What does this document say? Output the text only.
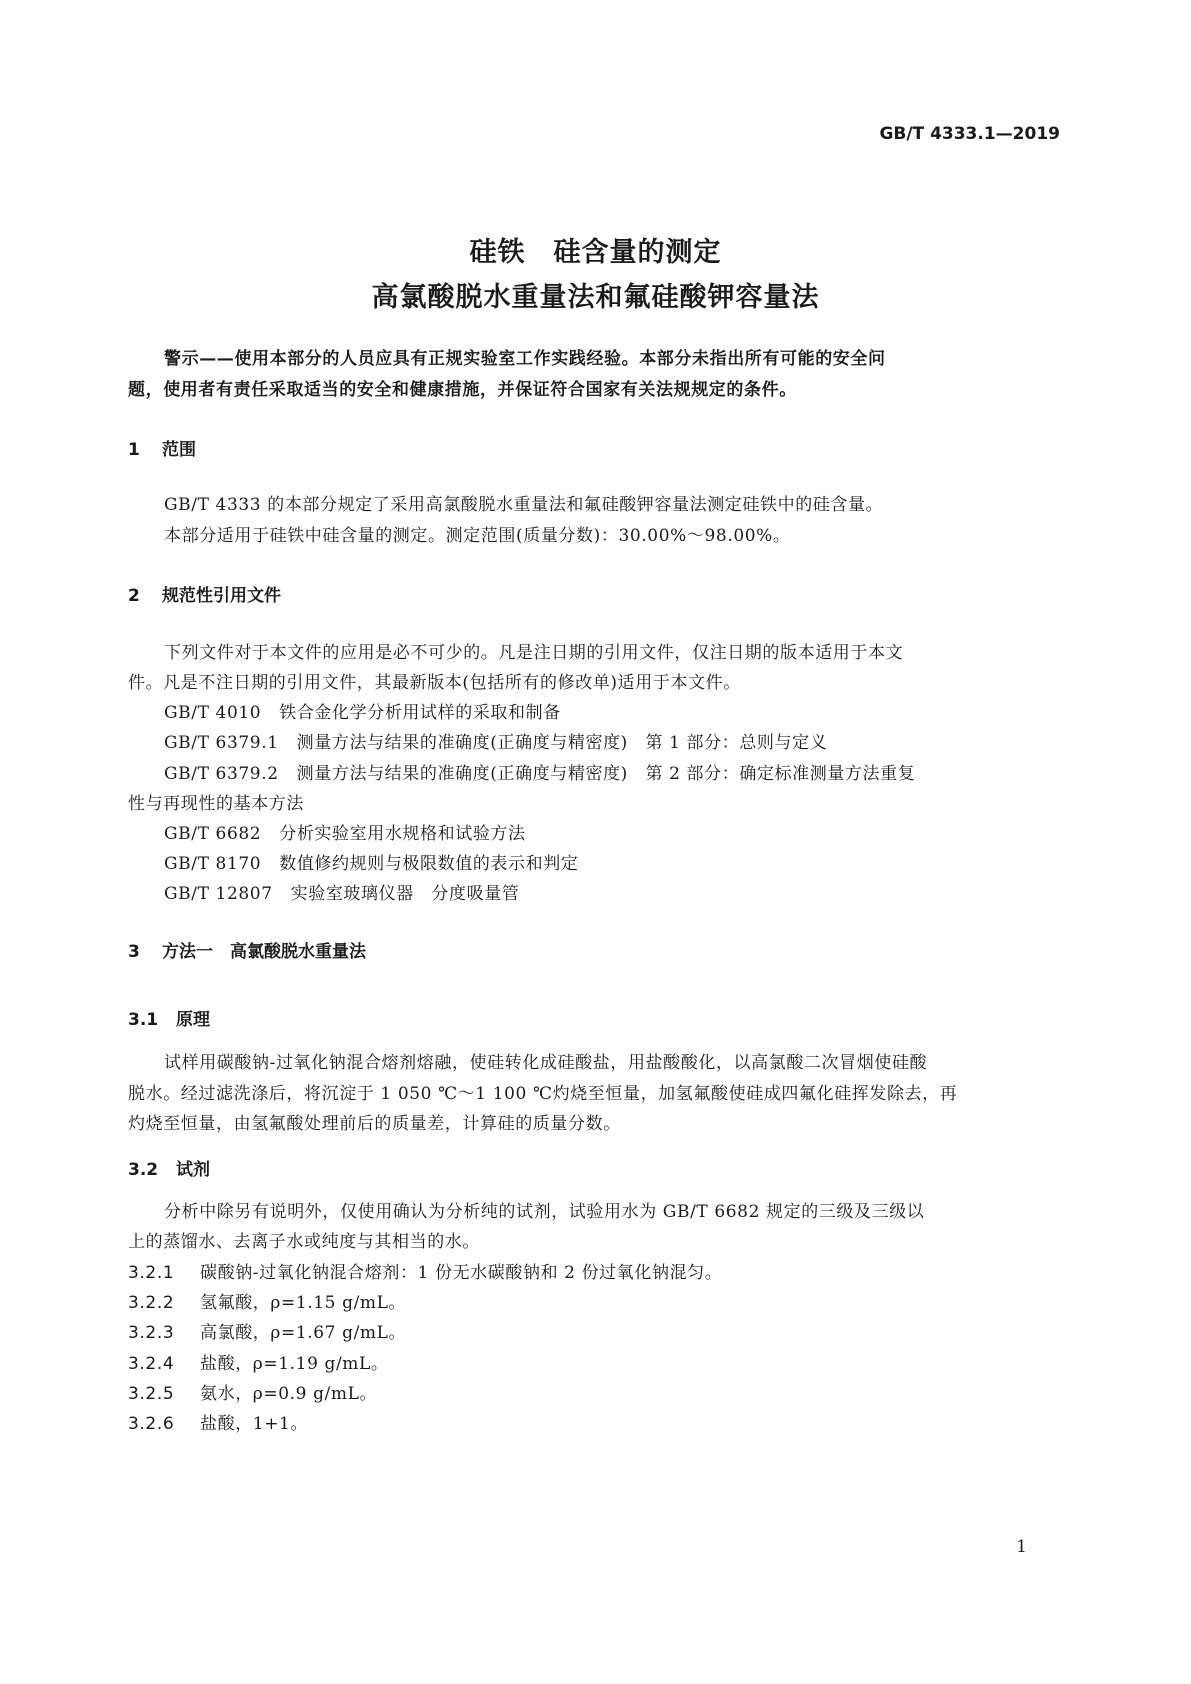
GB/T 4333.1—2019
硅铁　硅含量的测定
高氯酸脱水重量法和氟硅酸钾容量法
警示——使用本部分的人员应具有正规实验室工作实践经验。本部分未指出所有可能的安全问
题，使用者有责任采取适当的安全和健康措施，并保证符合国家有关法规规定的条件。
1 范围
GB/T 4333 的本部分规定了采用高氯酸脱水重量法和氟硅酸钾容量法测定硅铁中的硅含量。
本部分适用于硅铁中硅含量的测定。测定范围(质量分数)：30.00%～98.00%。
2 规范性引用文件
下列文件对于本文件的应用是必不可少的。凡是注日期的引用文件，仅注日期的版本适用于本文
件。凡是不注日期的引用文件，其最新版本(包括所有的修改单)适用于本文件。
GB/T 4010 铁合金化学分析用试样的采取和制备
GB/T 6379.1 测量方法与结果的准确度(正确度与精密度)　第 1 部分：总则与定义
GB/T 6379.2 测量方法与结果的准确度(正确度与精密度)　第 2 部分：确定标准测量方法重复
性与再现性的基本方法
GB/T 6682 分析实验室用水规格和试验方法
GB/T 8170 数值修约规则与极限数值的表示和判定
GB/T 12807 实验室玻璃仪器　分度吸量管
3 方法一　高氯酸脱水重量法
3.1 原理
试样用碳酸钠-过氧化钠混合熔剂熔融，使硅转化成硅酸盐，用盐酸酸化，以高氯酸二次冒烟使硅酸
脱水。经过滤洗涤后，将沉淀于 1 050 ℃～1 100 ℃灼烧至恒量，加氢氟酸使硅成四氟化硅挥发除去，再
灼烧至恒量，由氢氟酸处理前后的质量差，计算硅的质量分数。
3.2 试剂
分析中除另有说明外，仅使用确认为分析纯的试剂，试验用水为 GB/T 6682 规定的三级及三级以
上的蒸馏水、去离子水或纯度与其相当的水。
3.2.1 碳酸钠-过氧化钠混合熔剂：1 份无水碳酸钠和 2 份过氧化钠混匀。
3.2.2 氢氟酸，ρ=1.15 g/mL。
3.2.3 高氯酸，ρ=1.67 g/mL。
3.2.4 盐酸，ρ=1.19 g/mL。
3.2.5 氨水，ρ=0.9 g/mL。
3.2.6 盐酸，1+1。
1
